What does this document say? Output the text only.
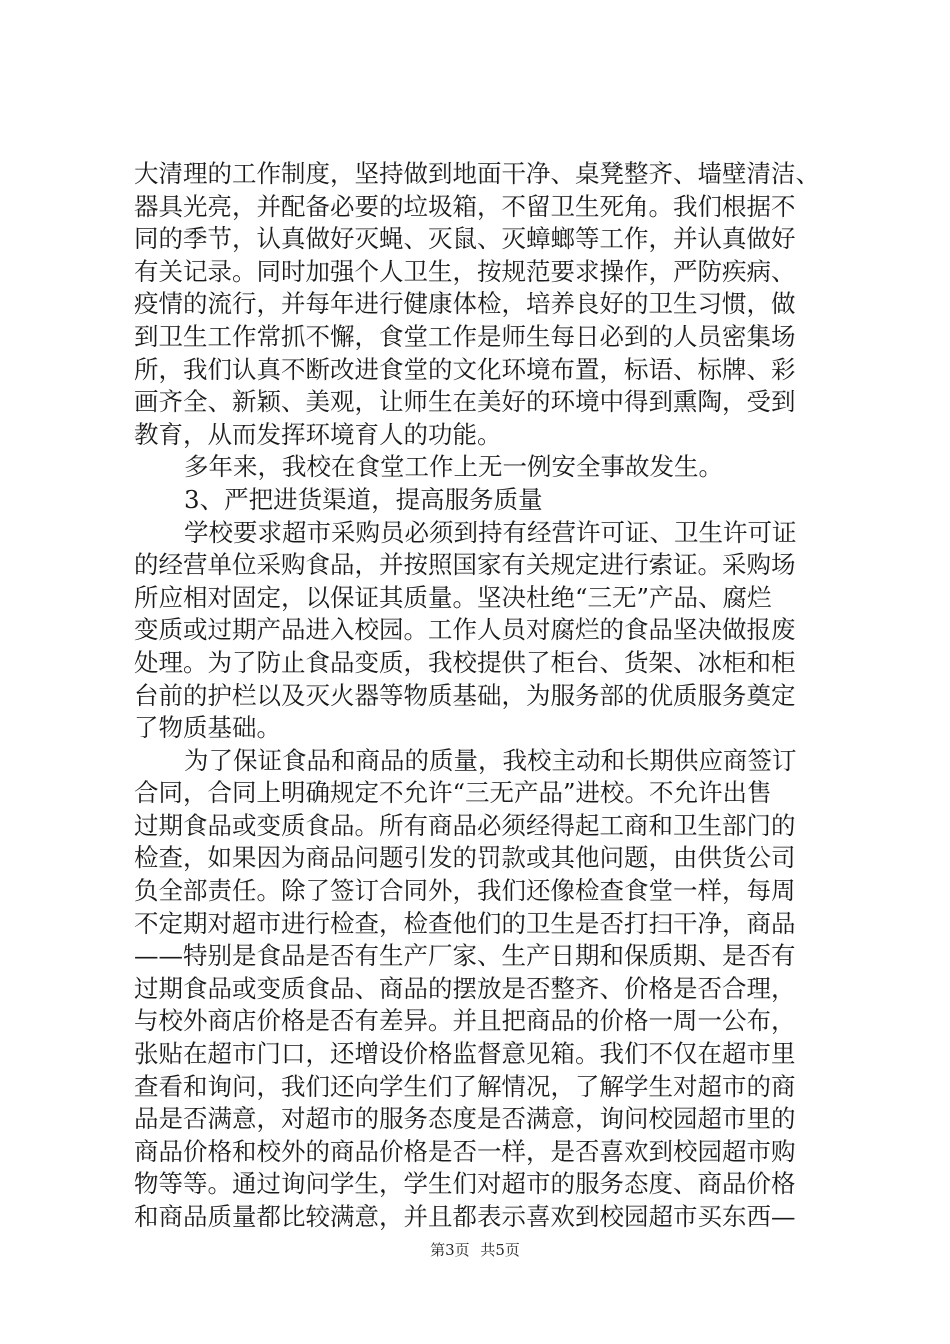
大清理的工作制度，坚持做到地面干净、桌凳整齐、墙壁清洁、
器具光亮，并配备必要的垃圾箱，不留卫生死角。我们根据不
同的季节，认真做好灭蝇、灭鼠、灭蟑螂等工作，并认真做好
有关记录。同时加强个人卫生，按规范要求操作，严防疾病、
疫情的流行，并每年进行健康体检，培养良好的卫生习惯，做
到卫生工作常抓不懈，食堂工作是师生每日必到的人员密集场
所，我们认真不断改进食堂的文化环境布置，标语、标牌、彩
画齐全、新颖、美观，让师生在美好的环境中得到熏陶，受到
教育，从而发挥环境育人的功能。
多年来，我校在食堂工作上无一例安全事故发生。
3、严把进货渠道，提高服务质量
学校要求超市采购员必须到持有经营许可证、卫生许可证
的经营单位采购食品，并按照国家有关规定进行索证。采购场
所应相对固定，以保证其质量。坚决杜绝“三无”产品、腐烂
变质或过期产品进入校园。工作人员对腐烂的食品坚决做报废
处理。为了防止食品变质，我校提供了柜台、货架、冰柜和柜
台前的护栏以及灭火器等物质基础，为服务部的优质服务奠定
了物质基础。
为了保证食品和商品的质量，我校主动和长期供应商签订
合同，合同上明确规定不允许“三无产品”进校。不允许出售
过期食品或变质食品。所有商品必须经得起工商和卫生部门的
检查，如果因为商品问题引发的罚款或其他问题，由供货公司
负全部责任。除了签订合同外，我们还像检查食堂一样，每周
不定期对超市进行检查，检查他们的卫生是否打扫干净，商品
——特别是食品是否有生产厂家、生产日期和保质期、是否有
过期食品或变质食品、商品的摆放是否整齐、价格是否合理，
与校外商店价格是否有差异。并且把商品的价格一周一公布，
张贴在超市门口，还增设价格监督意见箱。我们不仅在超市里
查看和询问，我们还向学生们了解情况，了解学生对超市的商
品是否满意，对超市的服务态度是否满意，询问校园超市里的
商品价格和校外的商品价格是否一样，是否喜欢到校园超市购
物等等。通过询问学生，学生们对超市的服务态度、商品价格
和商品质量都比较满意，并且都表示喜欢到校园超市买东西—
第3页 共5页
